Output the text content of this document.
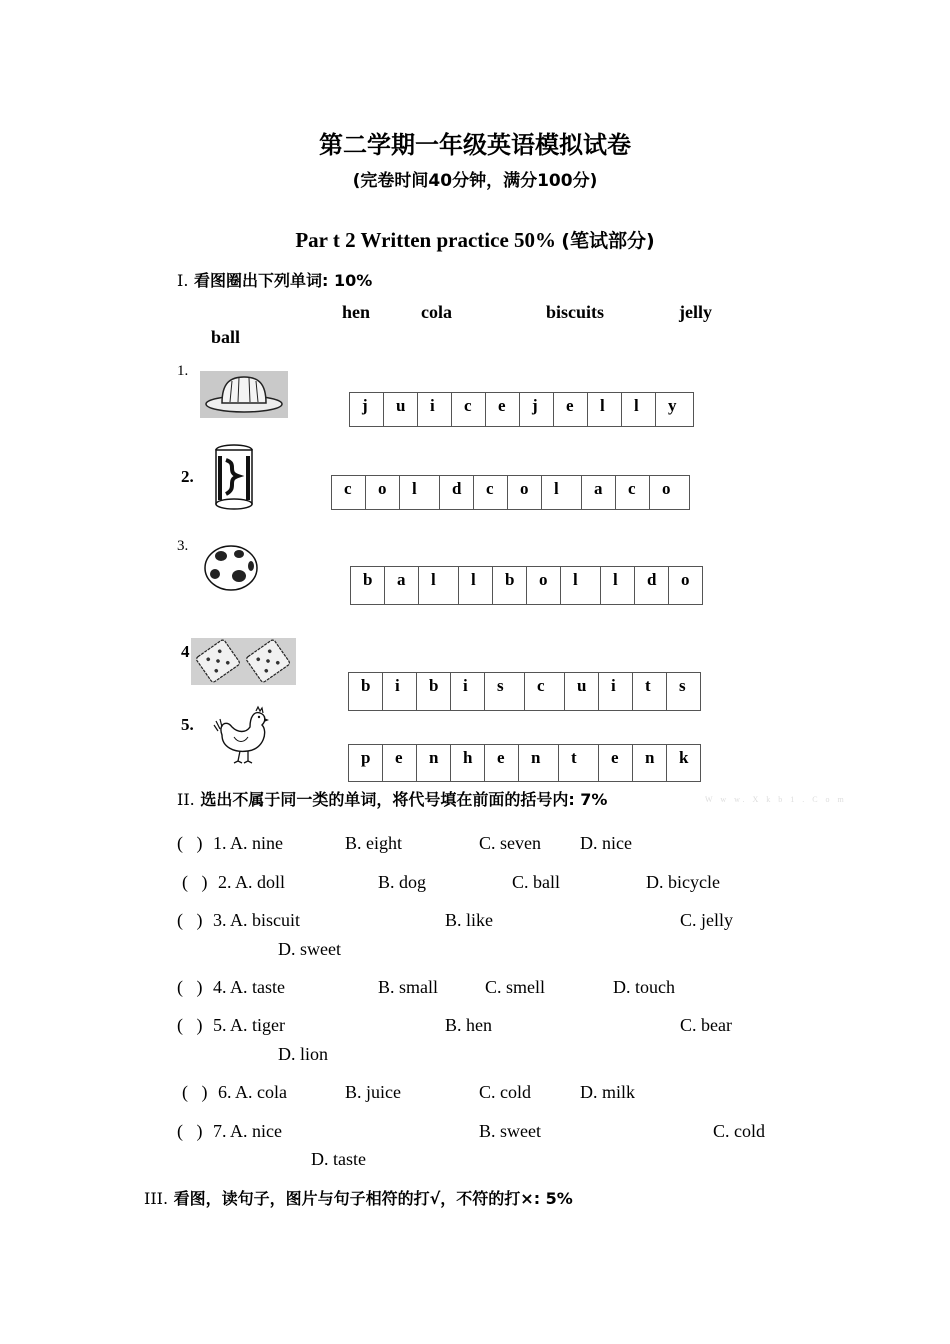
第二学期一年级英语模拟试卷
(完卷时间40分钟，满分100分)
Par t 2 Written practice 50% (笔试部分)
I. 看图圈出下列单词: 10%
hen	cola	biscuits	jelly
ball
1.
j	u	i	c	e	j	e	l	l	y
2.
c	o	l	d	c	o	l	a	c	o
3.
b	a	l	l	b	o	l	l	d	o
4
b	i	b	i	s	c	u	i	t	s
5.
p	e	n	h	e	n	t	e	n	k
II. 选出不属于同一类的单词，将代号填在前面的括号内: 7%	W w w. X k b 1 . C o m
( ) 1. A. nine	B. eight	C. seven D. nice
( ) 2. A. doll	B. dog	C. ball	D. bicycle
( ) 3. A. biscuit	B. like	C. jelly
D. sweet
( ) 4. A. taste	B. small	C. smell	D. touch
( ) 5. A. tiger	B. hen	C. bear
D. lion
( ) 6. A. cola	B. juice	C. cold	D. milk
( ) 7. A. nice	B. sweet	C. cold
D. taste
III. 看图，读句子，图片与句子相符的打√，不符的打×: 5%
